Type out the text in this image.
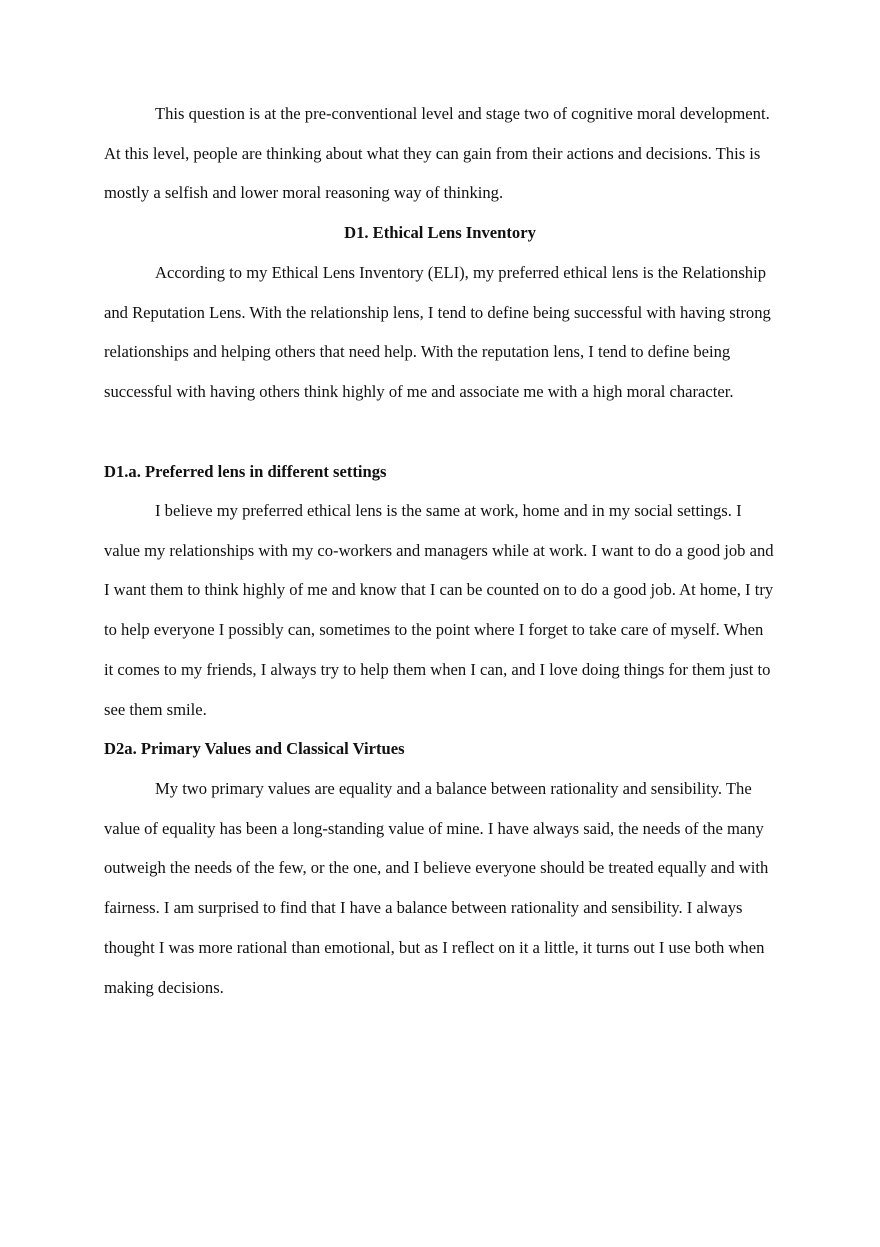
This question is at the pre-conventional level and stage two of cognitive moral development. At this level, people are thinking about what they can gain from their actions and decisions. This is mostly a selfish and lower moral reasoning way of thinking.

D1. Ethical Lens Inventory

According to my Ethical Lens Inventory (ELI), my preferred ethical lens is the Relationship and Reputation Lens. With the relationship lens, I tend to define being successful with having strong relationships and helping others that need help. With the reputation lens, I tend to define being successful with having others think highly of me and associate me with a high moral character.

D1.a. Preferred lens in different settings

I believe my preferred ethical lens is the same at work, home and in my social settings. I value my relationships with my co-workers and managers while at work. I want to do a good job and I want them to think highly of me and know that I can be counted on to do a good job. At home, I try to help everyone I possibly can, sometimes to the point where I forget to take care of myself. When it comes to my friends, I always try to help them when I can, and I love doing things for them just to see them smile.

D2a. Primary Values and Classical Virtues

My two primary values are equality and a balance between rationality and sensibility. The value of equality has been a long-standing value of mine. I have always said, the needs of the many outweigh the needs of the few, or the one, and I believe everyone should be treated equally and with fairness. I am surprised to find that I have a balance between rationality and sensibility. I always thought I was more rational than emotional, but as I reflect on it a little, it turns out I use both when making decisions.
